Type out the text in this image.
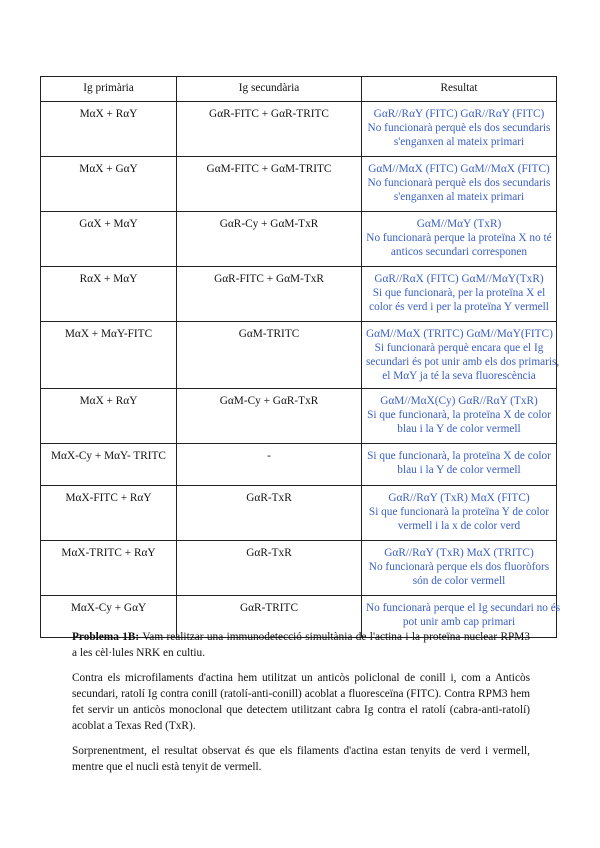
Ig primària	Ig secundària	Resultat
MαX + RαY	GαR-FITC + GαR-TRITC	GαR//RαY (FITC) GαR//RαY (FITC)
No funcionarà perquè els dos secundaris
s'enganxen al mateix primari

MαX + GαY	GαM-FITC + GαM-TRITC	GαM//MαX (FITC) GαM//MαX (FITC)
No funcionarà perquè els dos secundaris
s'enganxen al mateix primari

GαX + MαY	GαR-Cy + GαM-TxR	GαM//MαY (TxR)
No funcionarà perque la proteïna X no té
anticos secundari corresponen

RαX + MαY	GαR-FITC + GαM-TxR	GαR//RαX (FITC) GαM//MαY(TxR)
Si que funcionarà, per la proteïna X el
color és verd i per la proteïna Y vermell

MαX + MαY-FITC	GαM-TRITC	GαM//MαX (TRITC) GαM//MαY(FITC)
Si funcionarà perquè encara que el Ig
secundari és pot unir amb els dos primaris,
el MαY ja té la seva fluorescència

MαX + RαY	GαM-Cy + GαR-TxR	GαM//MαX(Cy) GαR//RαY (TxR)
Si que funcionarà, la proteïna X de color
blau i la Y de color vermell

MαX-Cy + MαY- TRITC	-	Si que funcionarà, la proteïna X de color
blau i la Y de color vermell

MαX-FITC + RαY	GαR-TxR	GαR//RαY (TxR) MαX (FITC)
Si que funcionarà la proteïna Y de color
vermell i la x de color verd

MαX-TRITC + RαY	GαR-TxR	GαR//RαY (TxR) MαX (TRITC)
No funcionarà perque els dos fluoròfors
són de color vermell

MαX-Cy + GαY	GαR-TRITC	No funcionarà perque el Ig secundari no és
pot unir amb cap primari

Problema 1B: Vam realitzar una immunodetecció simultània de l'actina i la proteïna nuclear RPM3 a les cèl·lules NRK en cultiu.

Contra els microfilaments d'actina hem utilitzat un anticòs policlonal de conill i, com a Anticòs secundari, ratolí Ig contra conill (ratolí-anti-conill) acoblat a fluoresceïna (FITC). Contra RPM3 hem fet servir un anticòs monoclonal que detectem utilitzant cabra Ig contra el ratolí (cabra-anti-ratolí) acoblat a Texas Red (TxR).

Sorprenentment, el resultat observat és que els filaments d'actina estan tenyits de verd i vermell, mentre que el nucli està tenyit de vermell.
